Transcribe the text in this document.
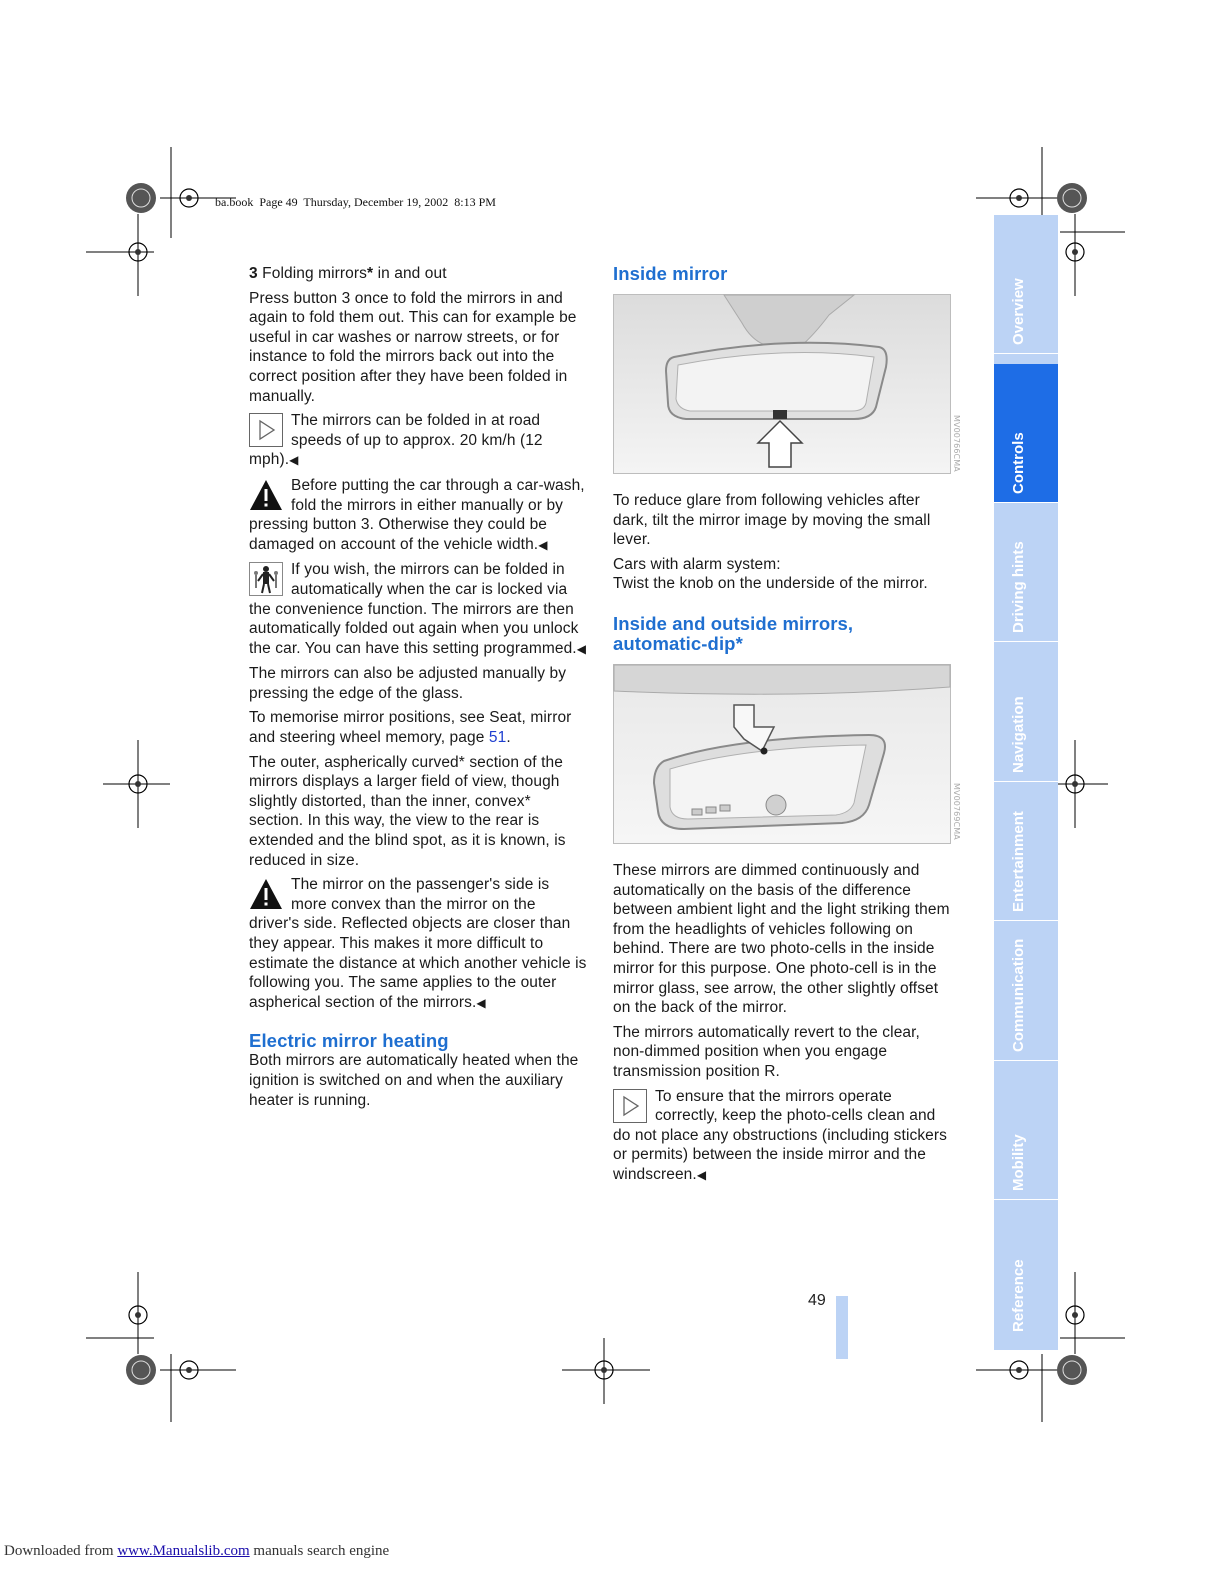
ba.book  Page 49  Thursday, December 19, 2002  8:13 PM

3 Folding mirrors* in and out

Press button 3 once to fold the mirrors in and again to fold them out. This can for example be useful in car washes or narrow streets, or for instance to fold the mirrors back out into the correct position after they have been folded in manually.

The mirrors can be folded in at road speeds of up to approx. 20 km/h (12 mph).◀
Before putting the car through a car-wash, fold the mirrors in either manually or by pressing button 3. Otherwise they could be damaged on account of the vehicle width.◀
If you wish, the mirrors can be folded in automatically when the car is locked via the convenience function. The mirrors are then automatically folded out again when you unlock the car. You can have this setting programmed.◀

The mirrors can also be adjusted manually by pressing the edge of the glass.

To memorise mirror positions, see Seat, mirror and steering wheel memory, page 51.

The outer, aspherically curved* section of the mirrors displays a larger field of view, though slightly distorted, than the inner, convex* section. In this way, the view to the rear is extended and the blind spot, as it is known, is reduced in size.

The mirror on the passenger's side is more convex than the mirror on the driver's side. Reflected objects are closer than they appear. This makes it more difficult to estimate the distance at which another vehicle is following you. The same applies to the outer aspherical section of the mirrors.◀
Electric mirror heating

Both mirrors are automatically heated when the ignition is switched on and when the auxiliary heater is running.

Inside mirror
MV00766CMA

To reduce glare from following vehicles after dark, tilt the mirror image by moving the small lever.

Cars with alarm system:

Twist the knob on the underside of the mirror.

Inside and outside mirrors,
automatic-dip*
MV00769CMA

These mirrors are dimmed continuously and automatically on the basis of the difference between ambient light and the light striking them from the headlights of vehicles following on behind. There are two photo-cells in the inside mirror for this purpose. One photo-cell is in the mirror glass, see arrow, the other slightly offset on the back of the mirror.

The mirrors automatically revert to the clear, non-dimmed position when you engage transmission position R.

To ensure that the mirrors operate correctly, keep the photo-cells clean and do not place any obstructions (including stickers or permits) between the inside mirror and the windscreen.◀
Overview
Controls
Driving hints
Navigation
Entertainment
Communication
Mobility
Reference
49
Downloaded from www.Manualslib.com manuals search engine
